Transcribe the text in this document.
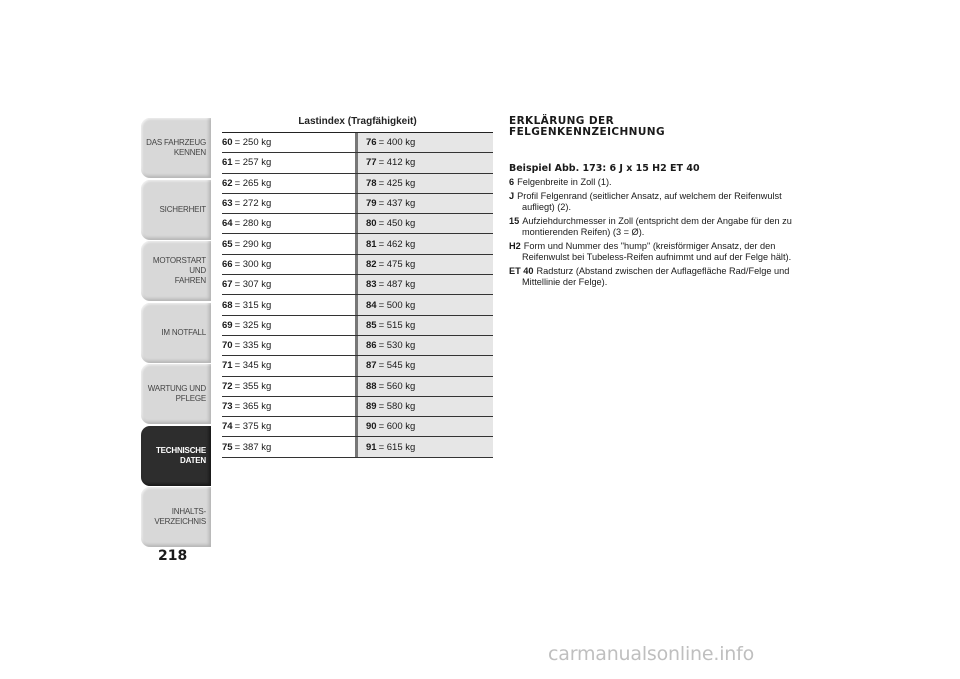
DAS FAHRZEUG
KENNEN
SICHERHEIT
MOTORSTART UND
FAHREN
IM NOTFALL
WARTUNG UND
PFLEGE
TECHNISCHE
DATEN
INHALTS-
VERZEICHNIS
218
Lastindex (Tragfähigkeit)
60 = 250 kg	76 = 400 kg
61 = 257 kg	77 = 412 kg
62 = 265 kg	78 = 425 kg
63 = 272 kg	79 = 437 kg
64 = 280 kg	80 = 450 kg
65 = 290 kg	81 = 462 kg
66 = 300 kg	82 = 475 kg
67 = 307 kg	83 = 487 kg
68 = 315 kg	84 = 500 kg
69 = 325 kg	85 = 515 kg
70 = 335 kg	86 = 530 kg
71 = 345 kg	87 = 545 kg
72 = 355 kg	88 = 560 kg
73 = 365 kg	89 = 580 kg
74 = 375 kg	90 = 600 kg
75 = 387 kg	91 = 615 kg
ERKLÄRUNG DER
FELGENKENNZEICHNUNG

Beispiel Abb. 173: 6 J x 15 H2 ET 40

6 Felgenbreite in Zoll (1).
J Profil Felgenrand (seitlicher Ansatz, auf welchem der Reifenwulst aufliegt) (2).
15 Aufziehdurchmesser in Zoll (entspricht dem der Angabe für den zu montierenden Reifen) (3 = Ø).
H2 Form und Nummer des "hump" (kreisförmiger Ansatz, der den Reifenwulst bei Tubeless-Reifen aufnimmt und auf der Felge hält).
ET 40 Radsturz (Abstand zwischen der Auflagefläche Rad/Felge und Mittellinie der Felge).
carmanualsonline.info
